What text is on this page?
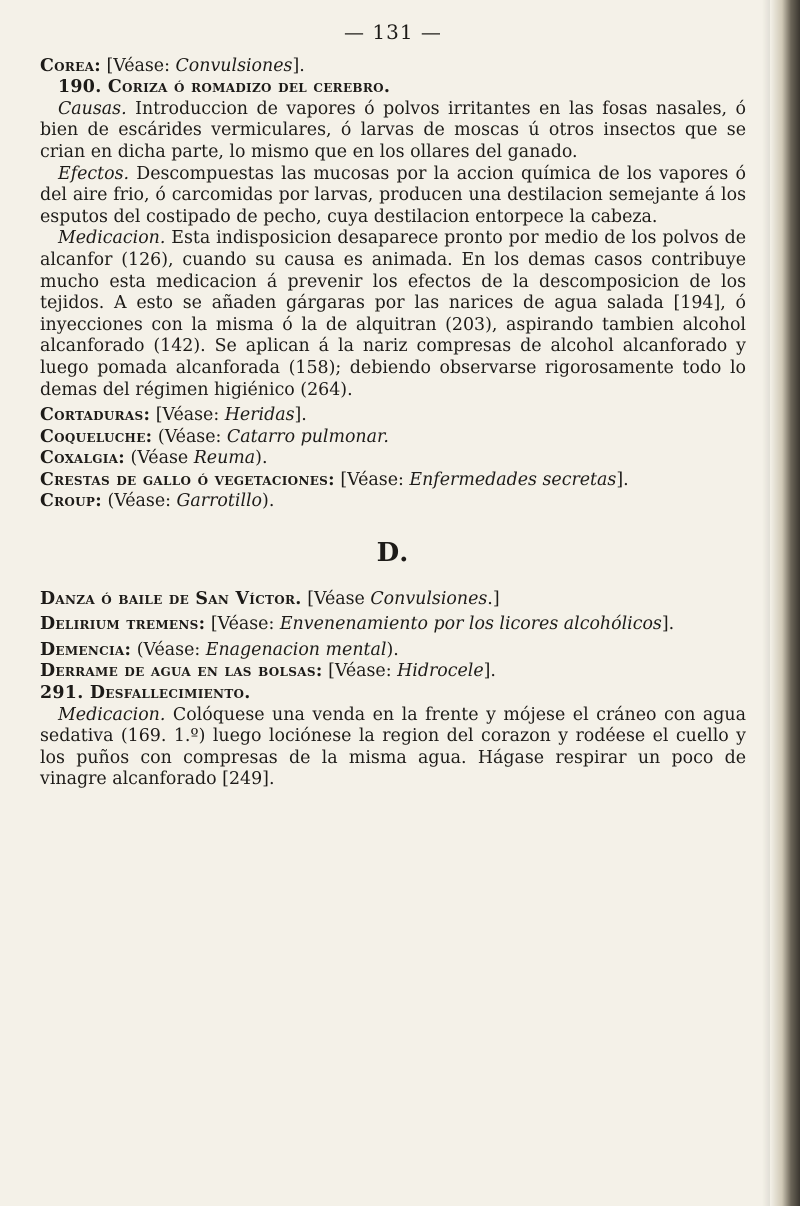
— 131 —

Corea: [Véase: Convulsiones].

190. Coriza ó romadizo del cerebro.

Causas. Introduccion de vapores ó polvos irritantes en las fosas nasales, ó bien de escárides vermiculares, ó larvas de moscas ú otros insectos que se crian en dicha parte, lo mismo que en los ollares del ganado.

Efectos. Descompuestas las mucosas por la accion química de los vapores ó del aire frio, ó carcomidas por larvas, producen una destilacion semejante á los esputos del costipado de pecho, cuya destilacion entorpece la cabeza.

Medicacion. Esta indisposicion desaparece pronto por medio de los polvos de alcanfor (126), cuando su causa es animada. En los demas casos contribuye mucho esta medicacion á prevenir los efectos de la descomposicion de los tejidos. A esto se añaden gárgaras por las narices de agua salada [194], ó inyecciones con la misma ó la de alquitran (203), aspirando tambien alcohol alcanforado (142). Se aplican á la nariz compresas de alcohol alcanforado y luego pomada alcanforada (158); debiendo observarse rigorosamente todo lo demas del régimen higiénico (264).

Cortaduras: [Véase: Heridas].

Coqueluche: (Véase: Catarro pulmonar.

Coxalgia: (Véase Reuma).

Crestas de gallo ó vegetaciones: [Véase: Enfermedades secretas].

Croup: (Véase: Garrotillo).

D.

Danza ó baile de San Víctor. [Véase Convulsiones.]

Delirium tremens: [Véase: Envenenamiento por los licores alcohólicos].

Demencia: (Véase: Enagenacion mental).

Derrame de agua en las bolsas: [Véase: Hidrocele].

291. Desfallecimiento.

Medicacion. Colóquese una venda en la frente y mójese el cráneo con agua sedativa (169. 1.º) luego lociónese la region del corazon y rodéese el cuello y los puños con compresas de la misma agua. Hágase respirar un poco de vinagre alcanforado [249].
